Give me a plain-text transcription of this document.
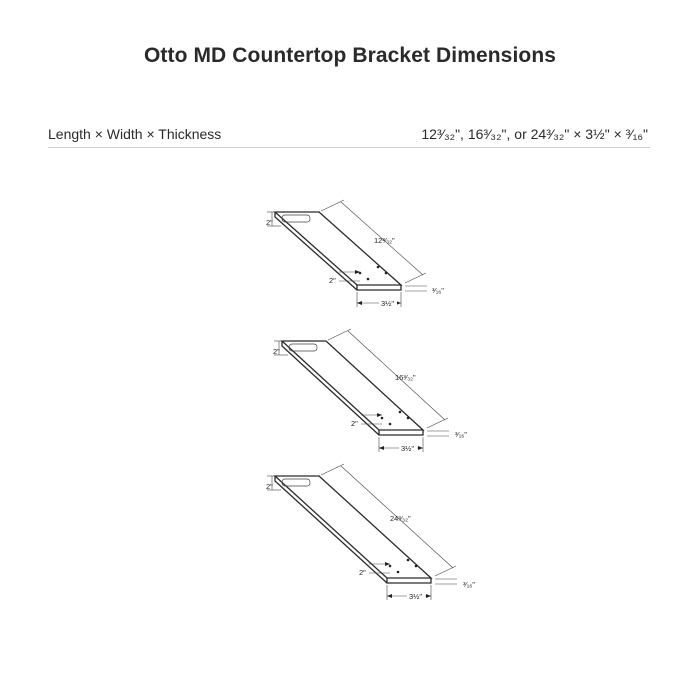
Otto MD Countertop Bracket Dimensions
Length × Width × Thickness	12³⁄₃₂", 16³⁄₃₂", or 24³⁄₃₂" × 3½" × ³⁄₁₆"
12³⁄₃₂"
3½"
³⁄₁₆"
2"
2"
16³⁄₃₂"
3½"
³⁄₁₆"
2"
2"
24³⁄₃₂"
3½"
³⁄₁₆"
2"
2"
